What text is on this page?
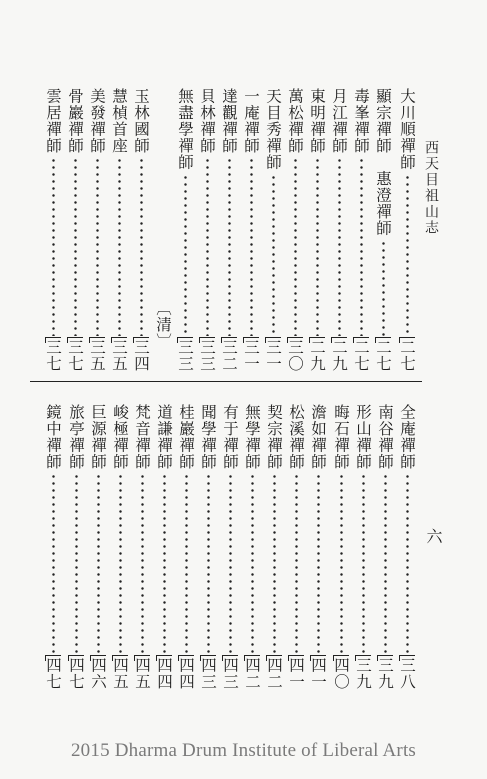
西天目祖山志
六
大川順禪師
二七
顯宗禪師　惠澄禪師
二七
毒峯禪師
二七
月江禪師
二九
東明禪師
二九
萬松禪師
三〇
天目秀禪師
三一
一庵禪師
三一
達觀禪師
三二
貝林禪師
三三
無盡學禪師
三三
〔清〕
玉林國師
三四
慧楨首座
三五
美發禪師
三五
骨巖禪師
三七
雲居禪師
三七
全庵禪師
三八
南谷禪師
三九
形山禪師
三九
晦石禪師
四〇
澹如禪師
四一
松溪禪師
四一
契宗禪師
四二
無學禪師
四二
有于禪師
四三
聞學禪師
四三
桂巖禪師
四四
道謙禪師
四四
梵音禪師
四五
峻極禪師
四五
巨源禪師
四六
旅亭禪師
四七
鏡中禪師
四七
2015 Dharma Drum Institute of Liberal Arts
